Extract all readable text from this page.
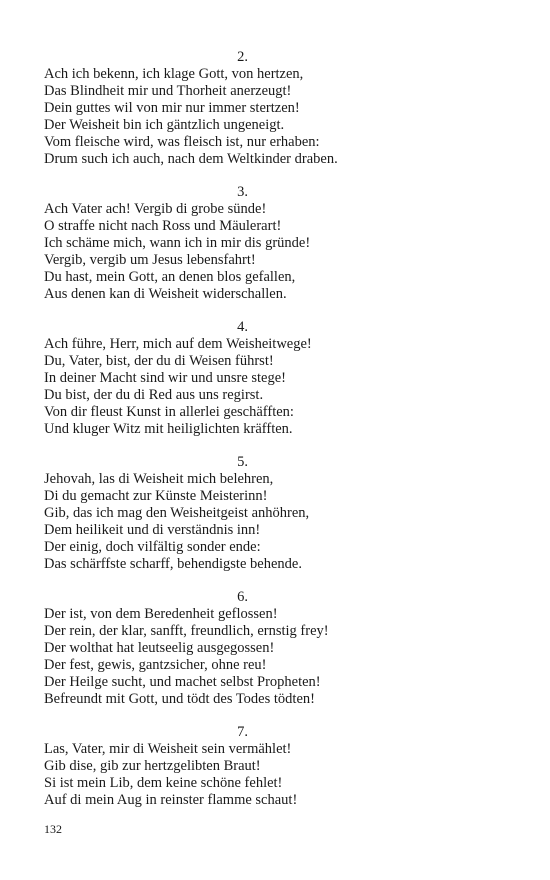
2.
Ach ich bekenn, ich klage Gott, von hertzen,
Das Blindheit mir und Thorheit anerzeugt!
Dein guttes wil von mir nur immer stertzen!
Der Weisheit bin ich gäntzlich ungeneigt.
Vom fleische wird, was fleisch ist, nur erhaben:
Drum such ich auch, nach dem Weltkinder draben.
3.
Ach Vater ach! Vergib di grobe sünde!
O straffe nicht nach Ross und Mäulerart!
Ich schäme mich, wann ich in mir dis gründe!
Vergib, vergib um Jesus lebensfahrt!
Du hast, mein Gott, an denen blos gefallen,
Aus denen kan di Weisheit widerschallen.
4.
Ach führe, Herr, mich auf dem Weisheitwege!
Du, Vater, bist, der du di Weisen führst!
In deiner Macht sind wir und unsre stege!
Du bist, der du di Red aus uns regirst.
Von dir fleust Kunst in allerlei geschäfften:
Und kluger Witz mit heiliglichten kräfften.
5.
Jehovah, las di Weisheit mich belehren,
Di du gemacht zur Künste Meisterinn!
Gib, das ich mag den Weisheitgeist anhöhren,
Dem heilikeit und di verständnis inn!
Der einig, doch vilfältig sonder ende:
Das schärffste scharff, behendigste behende.
6.
Der ist, von dem Beredenheit geflossen!
Der rein, der klar, sanfft, freundlich, ernstig frey!
Der wolthat hat leutseelig ausgegossen!
Der fest, gewis, gantzsicher, ohne reu!
Der Heilge sucht, und machet selbst Propheten!
Befreundt mit Gott, und tödt des Todes tödten!
7.
Las, Vater, mir di Weisheit sein vermählet!
Gib dise, gib zur hertzgelibten Braut!
Si ist mein Lib, dem keine schöne fehlet!
Auf di mein Aug in reinster flamme schaut!
132
